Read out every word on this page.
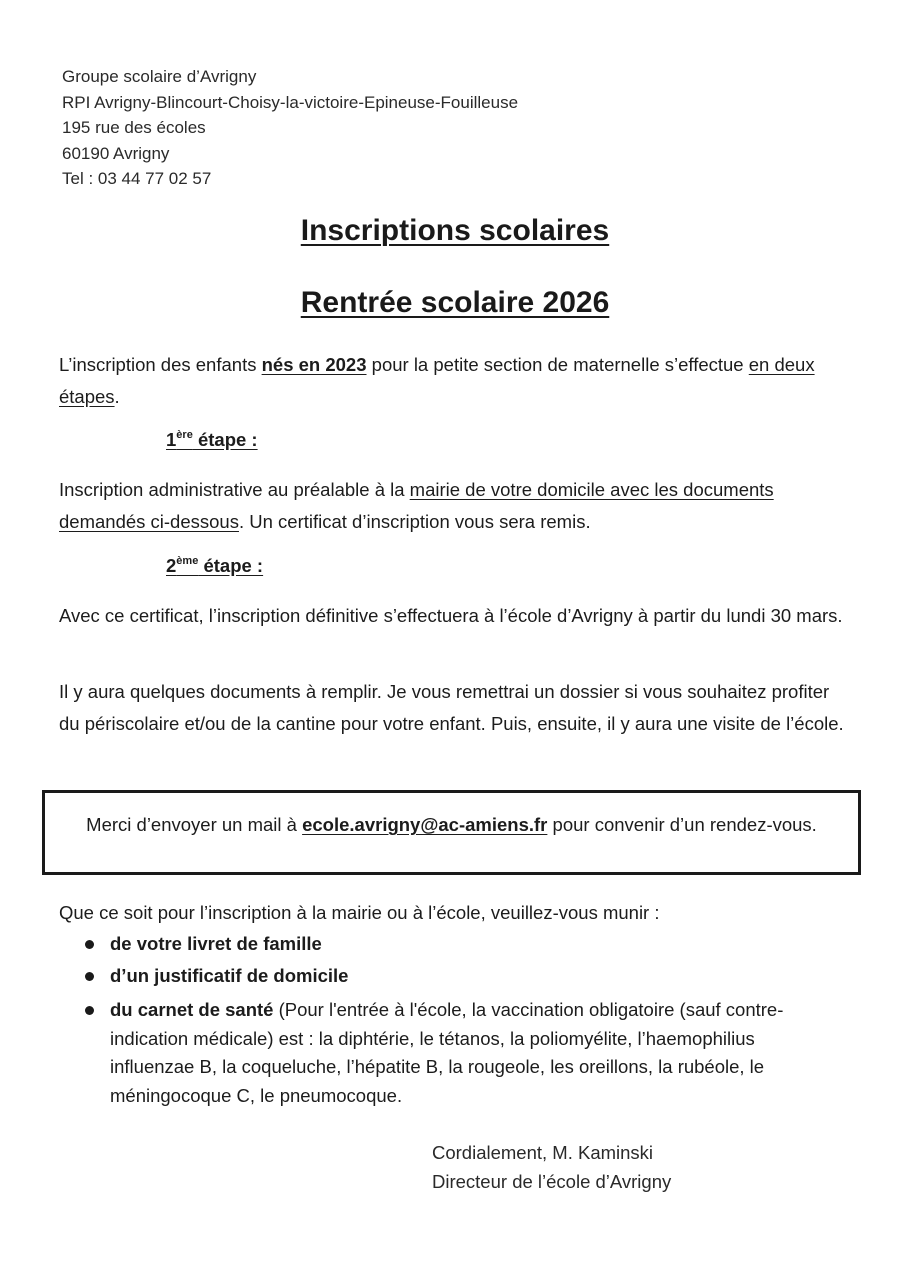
Groupe scolaire d’Avrigny
RPI Avrigny-Blincourt-Choisy-la-victoire-Epineuse-Fouilleuse
195 rue des écoles
60190 Avrigny
Tel : 03 44 77 02 57
Inscriptions scolaires
Rentrée scolaire 2026
L’inscription des enfants nés en 2023 pour la petite section de maternelle s’effectue en deux étapes.
1ère étape :
Inscription administrative au préalable à la mairie de votre domicile avec les documents demandés ci-dessous. Un certificat d’inscription vous sera remis.
2ème étape :
Avec ce certificat, l’inscription définitive s’effectuera à l’école d’Avrigny à partir du lundi 30 mars.
Il y aura quelques documents à remplir. Je vous remettrai un dossier si vous souhaitez profiter du périscolaire et/ou de la cantine pour votre enfant. Puis, ensuite, il y aura une visite de l’école.
Merci d’envoyer un mail à ecole.avrigny@ac-amiens.fr pour convenir d’un rendez-vous.
Que ce soit pour l’inscription à la mairie ou à l’école, veuillez-vous munir :
de votre livret de famille
d’un justificatif de domicile
du carnet de santé (Pour l'entrée à l'école, la vaccination obligatoire (sauf contre-indication médicale) est : la diphtérie, le tétanos, la poliomyélite, l’haemophilius influenzae B, la coqueluche, l’hépatite B, la rougeole, les oreillons, la rubéole, le méningocoque C, le pneumocoque.
Cordialement, M. Kaminski
Directeur de l’école d’Avrigny
